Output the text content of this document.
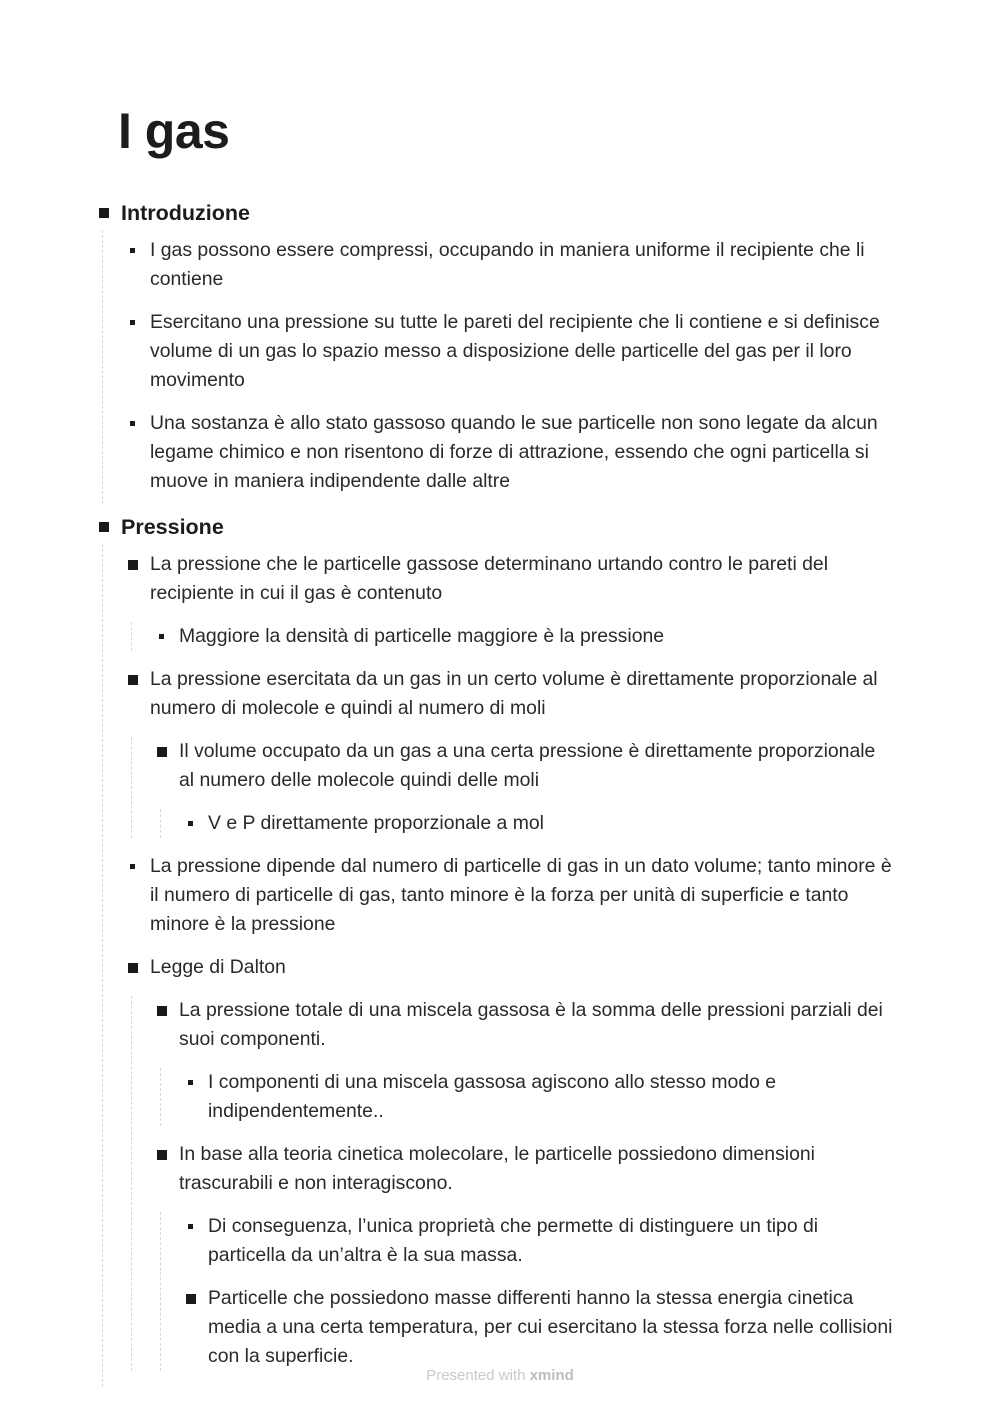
I gas
Introduzione
I gas possono essere compressi, occupando in maniera uniforme il recipiente che li contiene
Esercitano una pressione su tutte le pareti del recipiente che li contiene e si definisce volume di un gas lo spazio messo a disposizione delle particelle del gas per il loro movimento
Una sostanza è allo stato gassoso quando le sue particelle non sono legate da alcun legame chimico e non risentono di forze di attrazione, essendo che ogni particella si muove in maniera indipendente dalle altre
Pressione
La pressione che le particelle gassose determinano urtando contro le pareti del recipiente in cui il gas è contenuto
Maggiore la densità di particelle maggiore è la pressione
La pressione esercitata da un gas in un certo volume è direttamente proporzionale al numero di molecole e quindi al numero di moli
Il volume occupato da un gas a una certa pressione è direttamente proporzionale al numero delle molecole quindi delle moli
V e P direttamente proporzionale a mol
La pressione dipende dal numero di particelle di gas in un dato volume; tanto minore è il numero di particelle di gas, tanto minore è la forza per unità di superficie e tanto minore è la pressione
Legge di Dalton
La pressione totale di una miscela gassosa è la somma delle pressioni parziali dei suoi componenti.
I componenti di una miscela gassosa agiscono allo stesso modo e indipendentemente..
In base alla teoria cinetica molecolare, le particelle possiedono dimensioni trascurabili e non interagiscono.
Di conseguenza, l’unica proprietà che permette di distinguere un tipo di particella da un’altra è la sua massa.
Particelle che possiedono masse differenti hanno la stessa energia cinetica media a una certa temperatura, per cui esercitano la stessa forza nelle collisioni con la superficie.
Presented with xmind
